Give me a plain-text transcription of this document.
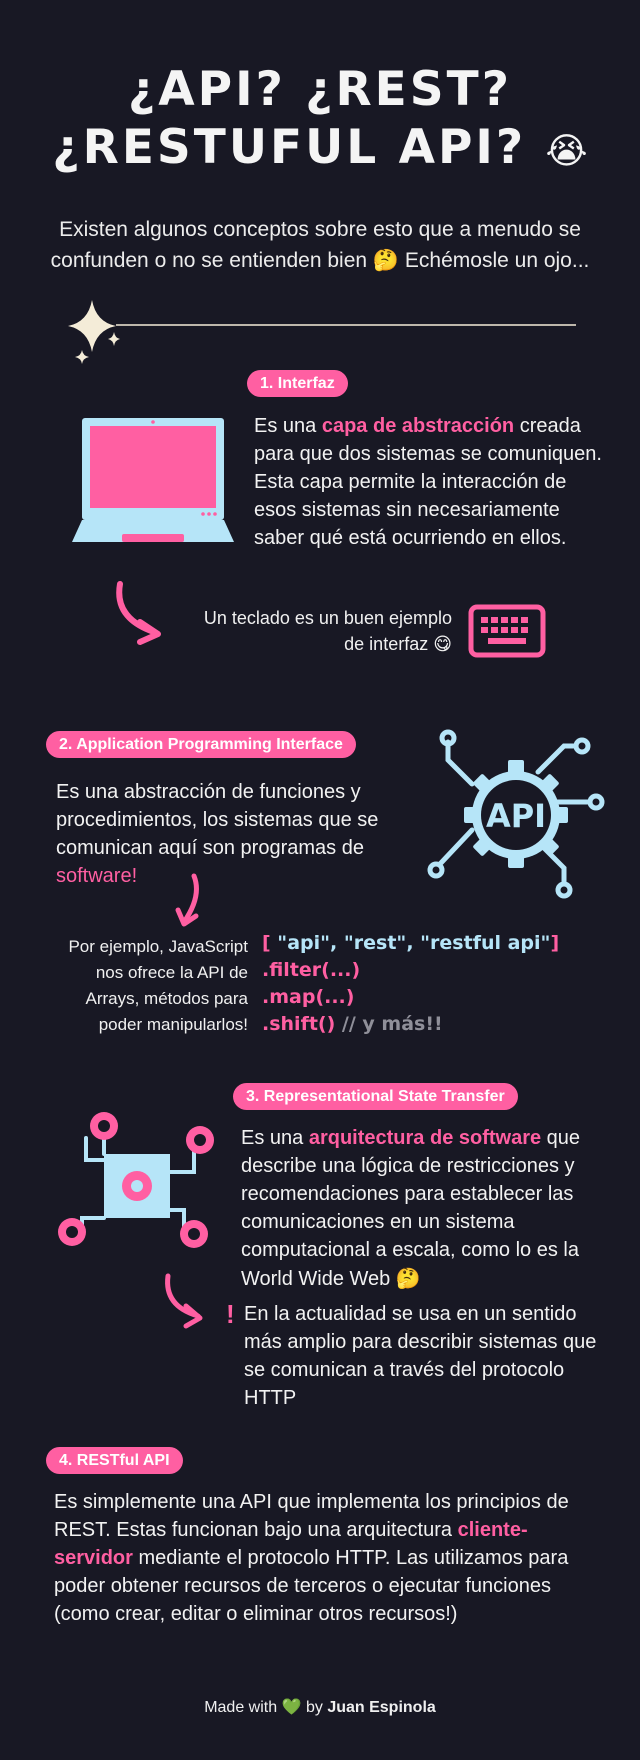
¿API? ¿REST?
¿RESTUFUL API? 😭
Existen algunos conceptos sobre esto que a menudo se
confunden o no se entienden bien 🤔 Echémosle un ojo...
1. Interfaz
Es una capa de abstracción creada para que dos sistemas se comuniquen. Esta capa permite la interacción de esos sistemas sin necesariamente saber qué está ocurriendo en ellos.
Un teclado es un buen ejemplo
de interfaz 😋
2. Application Programming Interface
API
Es una abstracción de funciones y procedimientos, los sistemas que se comunican aquí son programas de software!
Por ejemplo, JavaScript
nos ofrece la API de
Arrays, métodos para
poder manipularlos!
[ "api", "rest", "restful api"]
.filter(...)
.map(...)
.shift() // y más!!
3. Representational State Transfer
Es una arquitectura de software que describe una lógica de restricciones y recomendaciones para establecer las comunicaciones en un sistema computacional a escala, como lo es la World Wide Web 🤔
! En la actualidad se usa en un sentido más amplio para describir sistemas que se comunican a través del protocolo HTTP
4. RESTful API
Es simplemente una API que implementa los principios de REST. Estas funcionan bajo una arquitectura cliente-servidor mediante el protocolo HTTP. Las utilizamos para poder obtener recursos de terceros o ejecutar funciones (como crear, editar o eliminar otros recursos!)
Made with 💚 by Juan Espinola
